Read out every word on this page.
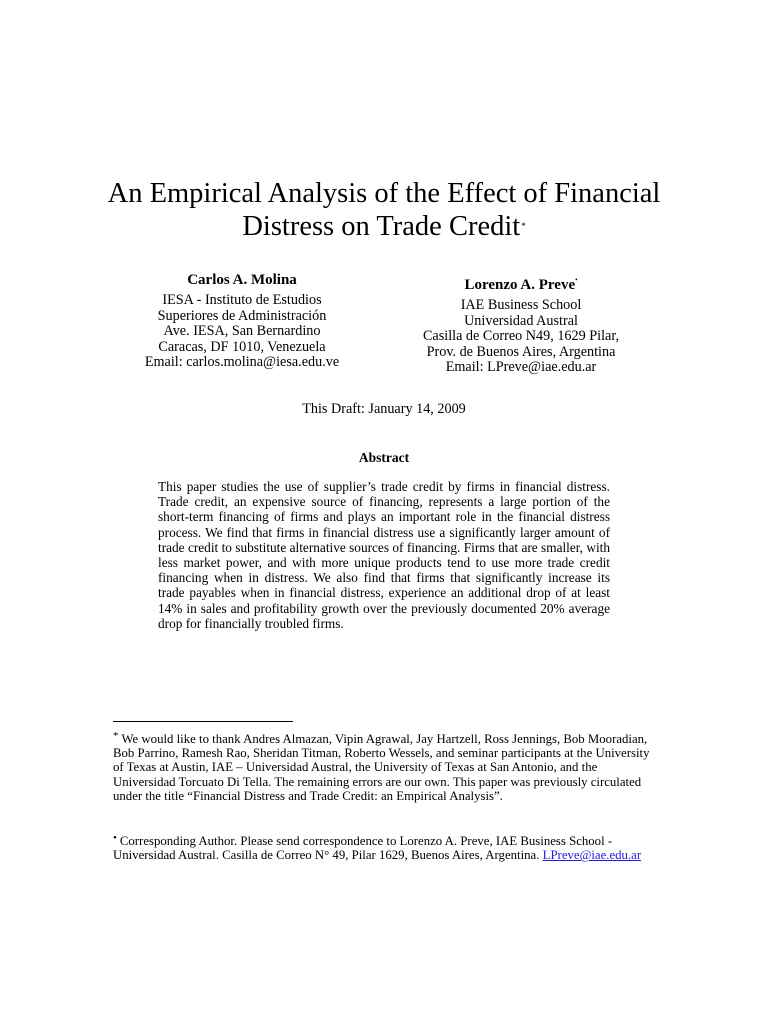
An Empirical Analysis of the Effect of Financial
Distress on Trade Credit*
Carlos A. Molina
IESA - Instituto de Estudios
Superiores de Administración
Ave. IESA, San Bernardino
Caracas, DF 1010, Venezuela
Email: carlos.molina@iesa.edu.ve
Lorenzo A. Preve•
IAE Business School
Universidad Austral
Casilla de Correo N49, 1629 Pilar,
Prov. de Buenos Aires, Argentina
Email: LPreve@iae.edu.ar
This Draft: January 14, 2009
Abstract
This paper studies the use of supplier’s trade credit by firms in financial distress. Trade credit, an expensive source of financing, represents a large portion of the short-term financing of firms and plays an important role in the financial distress process. We find that firms in financial distress use a significantly larger amount of trade credit to substitute alternative sources of financing. Firms that are smaller, with less market power, and with more unique products tend to use more trade credit financing when in distress. We also find that firms that significantly increase its trade payables when in financial distress, experience an additional drop of at least 14% in sales and profitability growth over the previously documented 20% average drop for financially troubled firms.
* We would like to thank Andres Almazan, Vipin Agrawal, Jay Hartzell, Ross Jennings, Bob Mooradian, Bob Parrino, Ramesh Rao, Sheridan Titman, Roberto Wessels, and seminar participants at the University of Texas at Austin, IAE – Universidad Austral, the University of Texas at San Antonio, and the Universidad Torcuato Di Tella. The remaining errors are our own. This paper was previously circulated under the title “Financial Distress and Trade Credit: an Empirical Analysis”.
• Corresponding Author. Please send correspondence to Lorenzo A. Preve, IAE Business School - Universidad Austral. Casilla de Correo N° 49, Pilar 1629, Buenos Aires, Argentina. LPreve@iae.edu.ar
